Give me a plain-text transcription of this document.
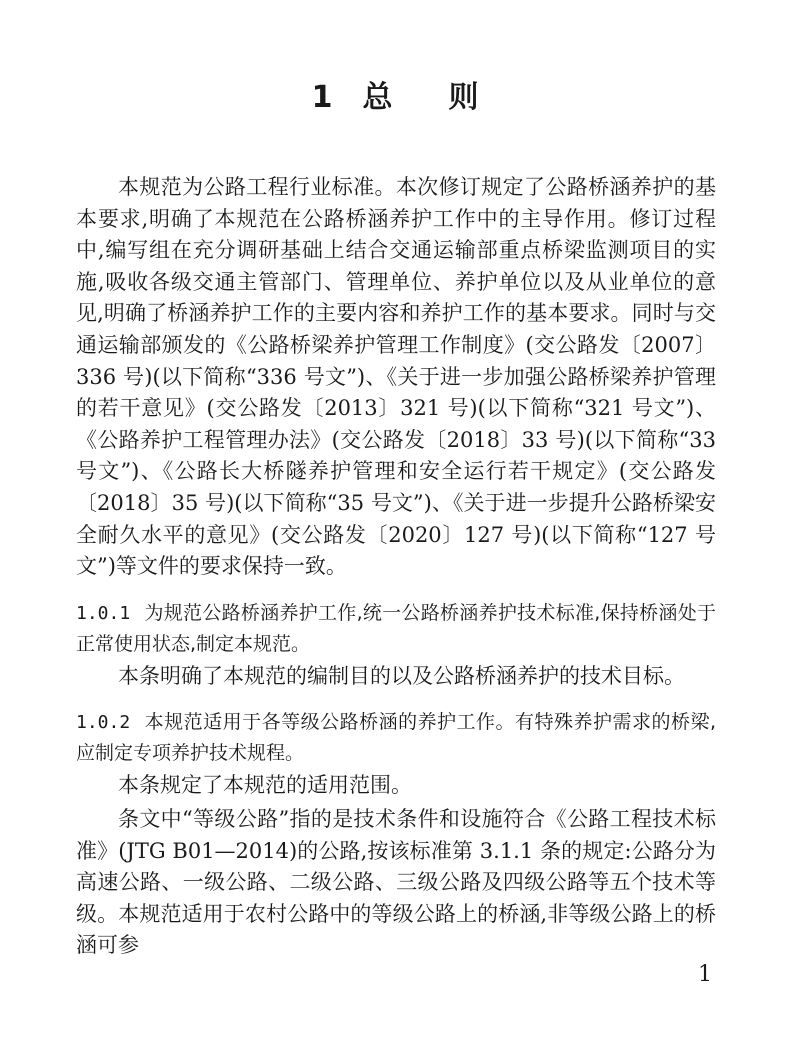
1 总 则

本规范为公路工程行业标准。本次修订规定了公路桥涵养护的基本要求,明确了本规范在公路桥涵养护工作中的主导作用。修订过程中,编写组在充分调研基础上结合交通运输部重点桥梁监测项目的实施,吸收各级交通主管部门、管理单位、养护单位以及从业单位的意见,明确了桥涵养护工作的主要内容和养护工作的基本要求。同时与交通运输部颁发的《公路桥梁养护管理工作制度》(交公路发〔2007〕336 号)(以下简称“336 号文”)、《关于进一步加强公路桥梁养护管理的若干意见》(交公路发〔2013〕321 号)(以下简称“321 号文”)、《公路养护工程管理办法》(交公路发〔2018〕33 号)(以下简称“33 号文”)、《公路长大桥隧养护管理和安全运行若干规定》(交公路发〔2018〕35 号)(以下简称“35 号文”)、《关于进一步提升公路桥梁安全耐久水平的意见》(交公路发〔2020〕127 号)(以下简称“127 号文”)等文件的要求保持一致。

1.0.1 为规范公路桥涵养护工作,统一公路桥涵养护技术标准,保持桥涵处于正常使用状态,制定本规范。

本条明确了本规范的编制目的以及公路桥涵养护的技术目标。

1.0.2 本规范适用于各等级公路桥涵的养护工作。有特殊养护需求的桥梁,应制定专项养护技术规程。

本条规定了本规范的适用范围。

条文中“等级公路”指的是技术条件和设施符合《公路工程技术标准》(JTG B01—2014)的公路,按该标准第 3.1.1 条的规定:公路分为高速公路、一级公路、二级公路、三级公路及四级公路等五个技术等级。本规范适用于农村公路中的等级公路上的桥涵,非等级公路上的桥涵可参

1
